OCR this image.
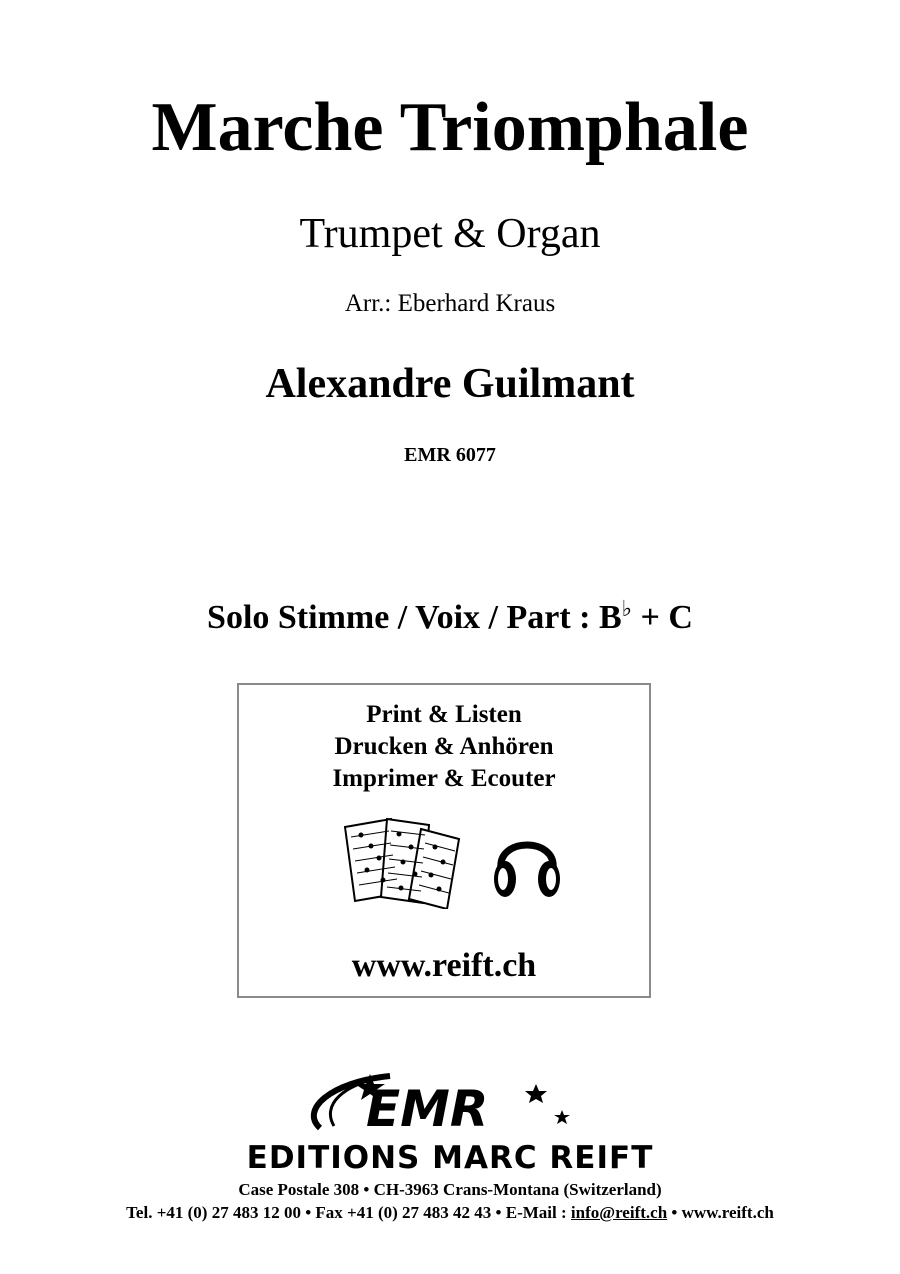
Marche Triomphale
Trumpet & Organ
Arr.: Eberhard Kraus
Alexandre Guilmant
EMR 6077
Solo Stimme / Voix / Part : B♭ + C
Print & Listen
Drucken & Anhören
Imprimer & Ecouter
www.reift.ch
EMR
EDITIONS MARC REIFT
Case Postale 308 • CH-3963 Crans-Montana (Switzerland)
Tel. +41 (0) 27 483 12 00 • Fax +41 (0) 27 483 42 43 • E-Mail : info@reift.ch • www.reift.ch
